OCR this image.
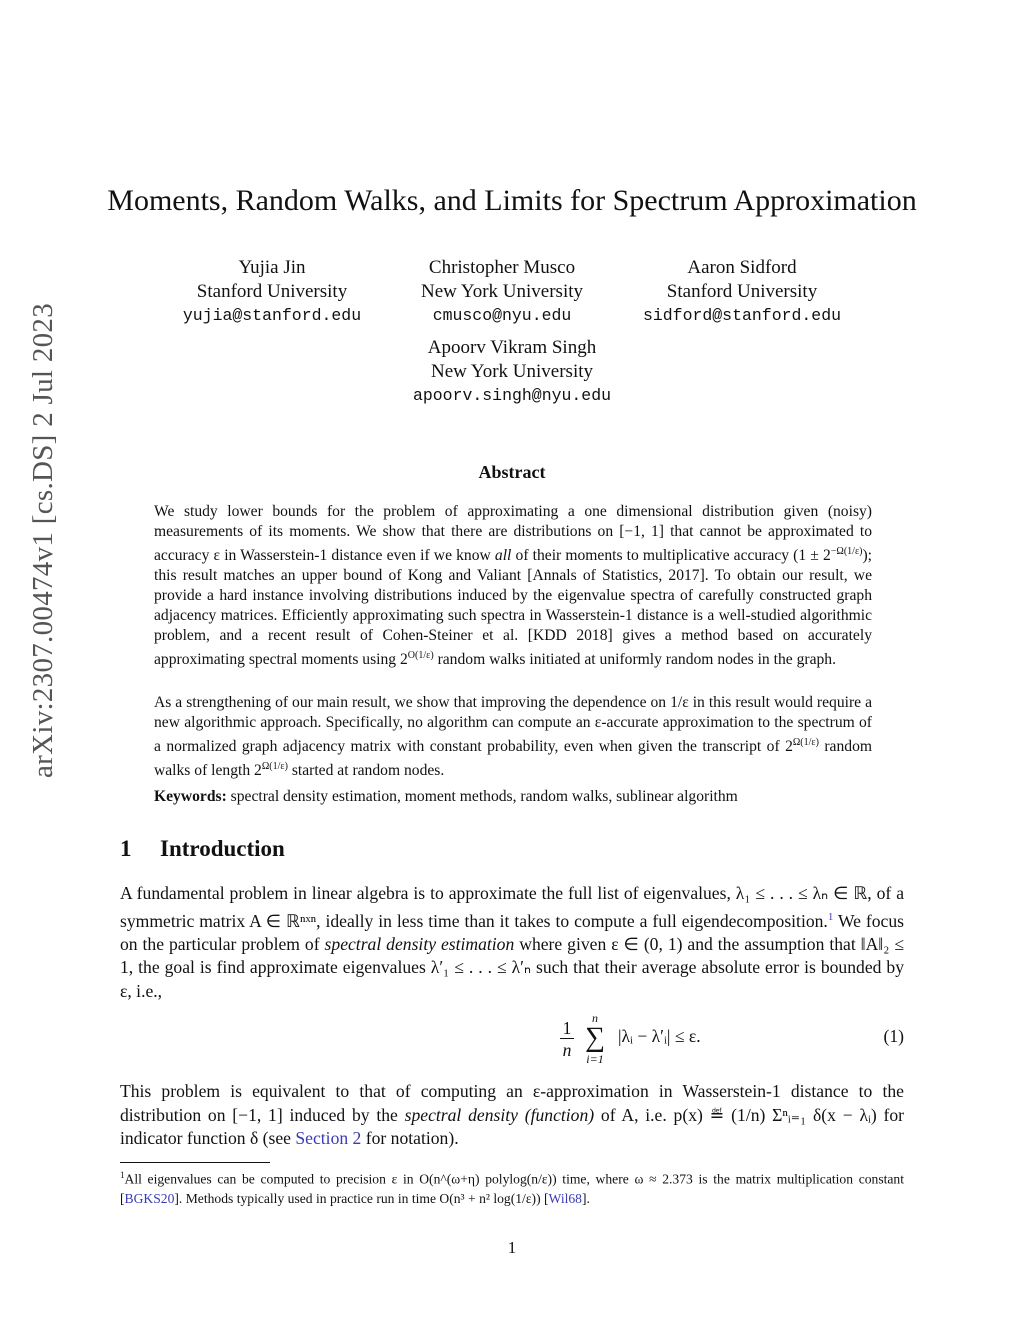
arXiv:2307.00474v1 [cs.DS] 2 Jul 2023
Moments, Random Walks, and Limits for Spectrum Approximation
Yujia Jin
Stanford University
yujia@stanford.edu
Christopher Musco
New York University
cmusco@nyu.edu
Aaron Sidford
Stanford University
sidford@stanford.edu
Apoorv Vikram Singh
New York University
apoorv.singh@nyu.edu
Abstract

We study lower bounds for the problem of approximating a one dimensional distribution given (noisy) measurements of its moments. We show that there are distributions on [−1, 1] that cannot be approximated to accuracy ε in Wasserstein-1 distance even if we know all of their moments to multiplicative accuracy $(1 \pm 2^{-\Omega(1/\varepsilon)})$; this result matches an upper bound of Kong and Valiant [Annals of Statistics, 2017]. To obtain our result, we provide a hard instance involving distributions induced by the eigenvalue spectra of carefully constructed graph adjacency matrices. Efficiently approximating such spectra in Wasserstein-1 distance is a well-studied algorithmic problem, and a recent result of Cohen-Steiner et al. [KDD 2018] gives a method based on accurately approximating spectral moments using $2^{O(1/\varepsilon)}$ random walks initiated at uniformly random nodes in the graph.

As a strengthening of our main result, we show that improving the dependence on 1/ε in this result would require a new algorithmic approach. Specifically, no algorithm can compute an ε-accurate approximation to the spectrum of a normalized graph adjacency matrix with constant probability, even when given the transcript of $2^{\Omega(1/\varepsilon)}$ random walks of length $2^{\Omega(1/\varepsilon)}$ started at random nodes.

Keywords: spectral density estimation, moment methods, random walks, sublinear algorithm

1 Introduction

A fundamental problem in linear algebra is to approximate the full list of eigenvalues, λ₁ ≤ . . . ≤ λₙ ∈ ℝ, of a symmetric matrix A ∈ ℝⁿˣⁿ, ideally in less time than it takes to compute a full eigendecomposition.$^1$ We focus on the particular problem of spectral density estimation where given ε ∈ (0, 1) and the assumption that ‖A‖₂ ≤ 1, the goal is find approximate eigenvalues λ′₁ ≤ . . . ≤ λ′ₙ such that their average absolute error is bounded by ε, i.e.,

$\frac{1}{n}$	n
∑
i=1
|λᵢ − λ′ᵢ| ≤ ε.	(1)

This problem is equivalent to that of computing an ε-approximation in Wasserstein-1 distance to the distribution on [−1, 1] induced by the spectral density (function) of A, i.e. p(x) ≝ (1/n) Σⁿᵢ₌₁ δ(x − λᵢ) for indicator function δ (see Section 2 for notation).

$^1$All eigenvalues can be computed to precision ε in O(n^(ω+η) polylog(n/ε)) time, where ω ≈ 2.373 is the matrix multiplication constant [BGKS20]. Methods typically used in practice run in time O(n³ + n² log(1/ε)) [Wil68].

1
